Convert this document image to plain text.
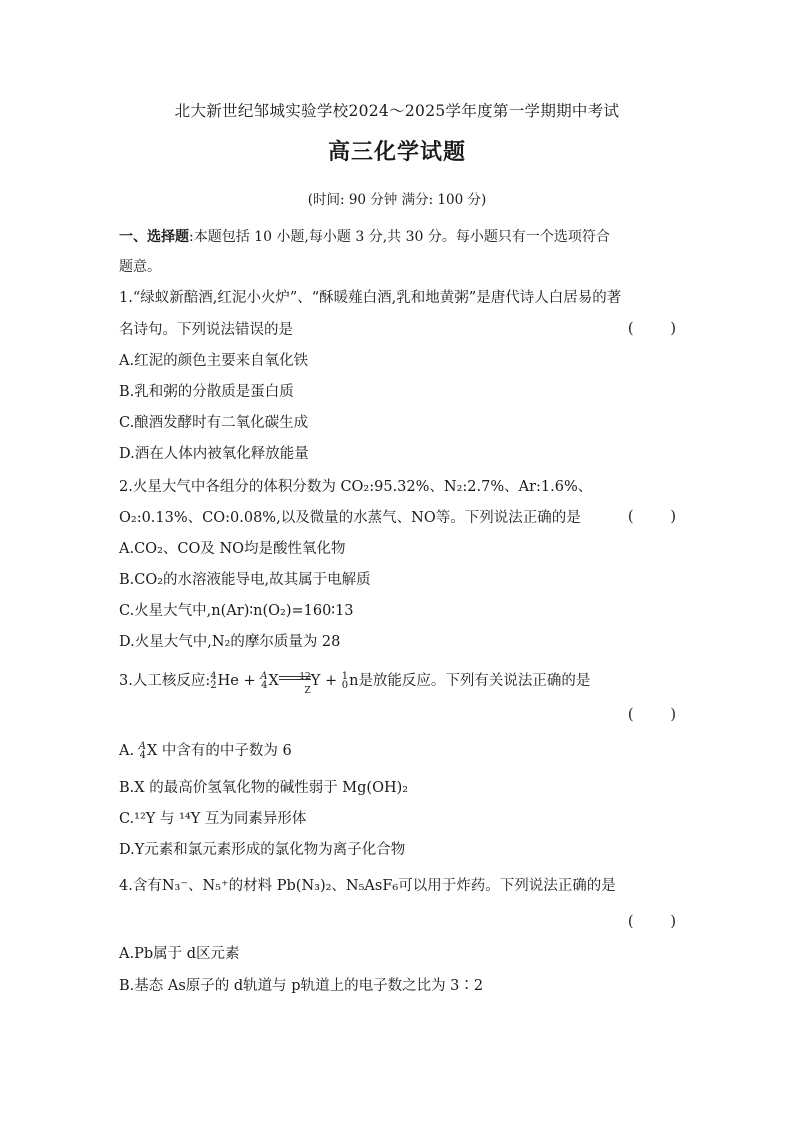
北大新世纪邹城实验学校2024～2025学年度第一学期期中考试
高三化学试题
(时间: 90 分钟 满分: 100 分)
一、选择题:本题包括 10 小题,每小题 3 分,共 30 分。每小题只有一个选项符合
题意。
1.“绿蚁新醅酒,红泥小火炉”、“酥暖薤白酒,乳和地黄粥”是唐代诗人白居易的著
名诗句。下列说法错误的是	(        )
A.红泥的颜色主要来自氧化铁
B.乳和粥的分散质是蛋白质
C.酿酒发酵时有二氧化碳生成
D.酒在人体内被氧化释放能量
2.火星大气中各组分的体积分数为 CO₂:95.32%、N₂:2.7%、Ar:1.6%、
O₂:0.13%、CO:0.08%,以及微量的水蒸气、NO等。下列说法正确的是	(        )
A.CO₂、CO及 NO均是酸性氧化物
B.CO₂的水溶液能导电,故其属于电解质
C.火星大气中,n(Ar)∶n(O₂)=160∶13
D.火星大气中,N₂的摩尔质量为 28
3.人工核反应: 4
2 He + A
4 X 12
Z
Y + 1
0 n是放能反应。下列有关说法正确的是
(        )
A. A
4 X 中含有的中子数为 6
B.X 的最高价氢氧化物的碱性弱于 Mg(OH)₂
C.¹²Y 与 ¹⁴Y 互为同素异形体
D.Y元素和氯元素形成的氯化物为离子化合物
4.含有N₃⁻、N₅⁺的材料 Pb(N₃)₂、N₅AsF₆可以用于炸药。下列说法正确的是
(        )
A.Pb属于 d区元素
B.基态 As原子的 d轨道与 p轨道上的电子数之比为 3∶2
